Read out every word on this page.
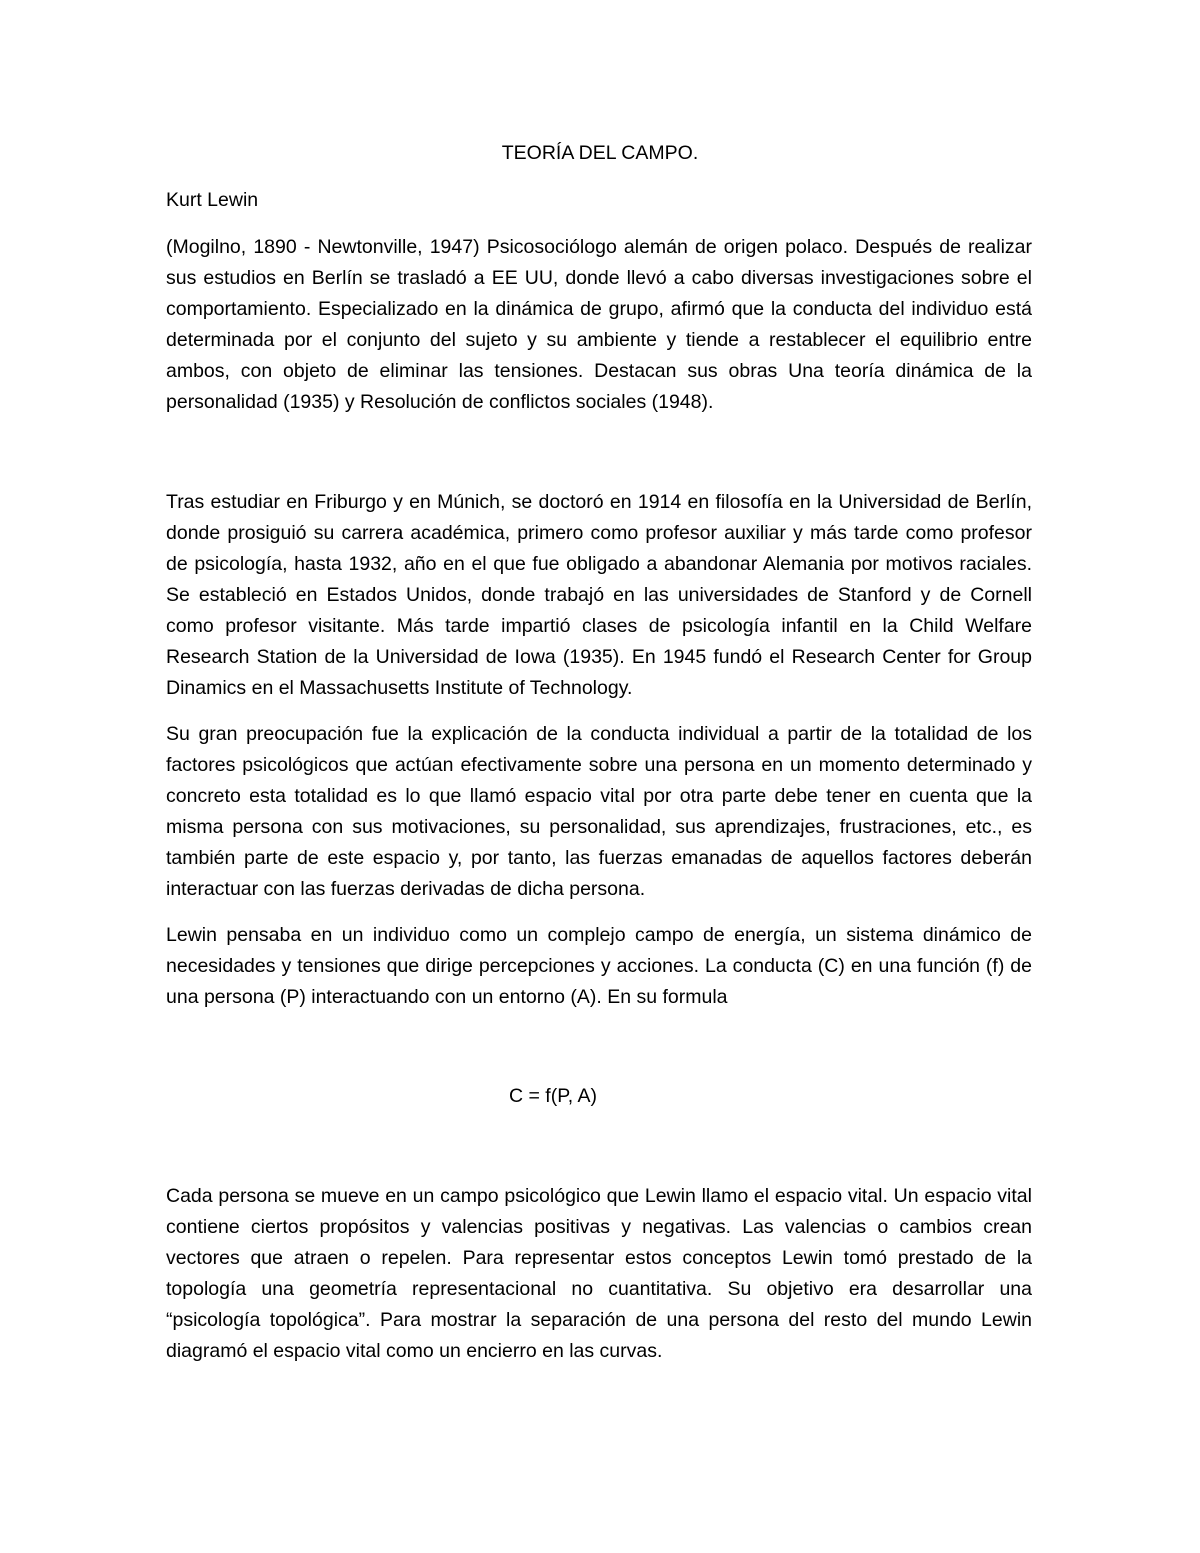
TEORÍA DEL CAMPO.

Kurt Lewin

(Mogilno, 1890 - Newtonville, 1947) Psicosociólogo alemán de origen polaco. Después de realizar sus estudios en Berlín se trasladó a EE UU, donde llevó a cabo diversas investigaciones sobre el comportamiento. Especializado en la dinámica de grupo, afirmó que la conducta del individuo está determinada por el conjunto del sujeto y su ambiente y tiende a restablecer el equilibrio entre ambos, con objeto de eliminar las tensiones. Destacan sus obras Una teoría dinámica de la personalidad (1935) y Resolución de conflictos sociales (1948).

Tras estudiar en Friburgo y en Múnich, se doctoró en 1914 en filosofía en la Universidad de Berlín, donde prosiguió su carrera académica, primero como profesor auxiliar y más tarde como profesor de psicología, hasta 1932, año en el que fue obligado a abandonar Alemania por motivos raciales. Se estableció en Estados Unidos, donde trabajó en las universidades de Stanford y de Cornell como profesor visitante. Más tarde impartió clases de psicología infantil en la Child Welfare Research Station de la Universidad de Iowa (1935). En 1945 fundó el Research Center for Group Dinamics en el Massachusetts Institute of Technology.

Su gran preocupación fue la explicación de la conducta individual a partir de la totalidad de los factores psicológicos que actúan efectivamente sobre una persona en un momento determinado y concreto esta totalidad es lo que llamó espacio vital por otra parte debe tener en cuenta que la misma persona con sus motivaciones, su personalidad, sus aprendizajes, frustraciones, etc., es también parte de este espacio y, por tanto, las fuerzas emanadas de aquellos factores deberán interactuar con las fuerzas derivadas de dicha persona.

Lewin pensaba en un individuo como un complejo campo de energía, un sistema dinámico de necesidades y tensiones que dirige percepciones y acciones. La conducta (C) en una función (f) de una persona (P) interactuando con un entorno (A). En su formula

C = f(P, A)

Cada persona se mueve en un campo psicológico que Lewin llamo el espacio vital. Un espacio vital contiene ciertos propósitos y valencias positivas y negativas. Las valencias o cambios crean vectores que atraen o repelen. Para representar estos conceptos Lewin tomó prestado de la topología una geometría representacional no cuantitativa. Su objetivo era desarrollar una “psicología topológica”. Para mostrar la separación de una persona del resto del mundo Lewin diagramó el espacio vital como un encierro en las curvas.
